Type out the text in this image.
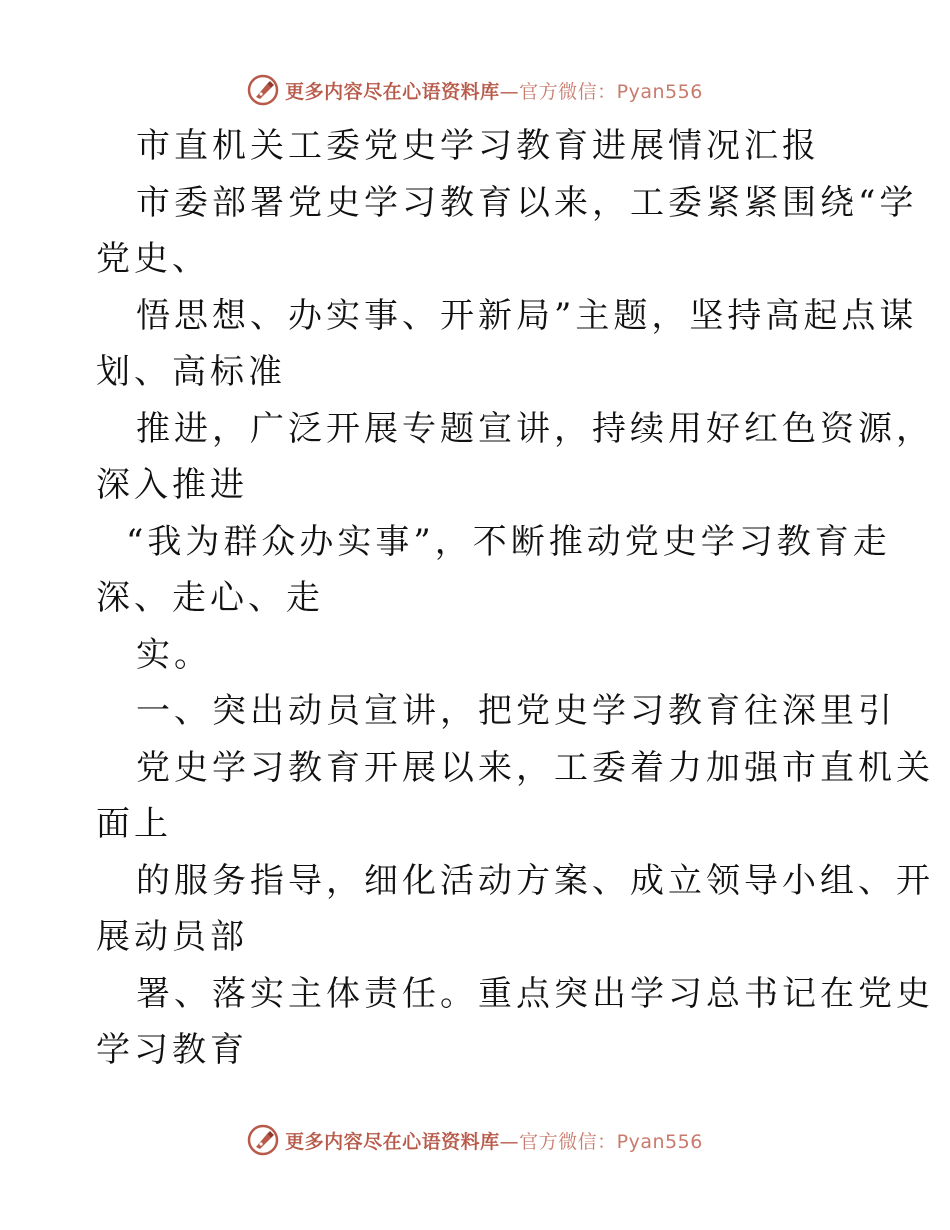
更多内容尽在心语资料库—官方微信：Pyan556
市直机关工委党史学习教育进展情况汇报
市委部署党史学习教育以来，工委紧紧围绕“学
党史、
悟思想、办实事、开新局”主题，坚持高起点谋
划、高标准
推进，广泛开展专题宣讲，持续用好红色资源，
深入推进
“我为群众办实事”，不断推动党史学习教育走
深、走心、走
实。
一、突出动员宣讲，把党史学习教育往深里引
党史学习教育开展以来，工委着力加强市直机关
面上
的服务指导，细化活动方案、成立领导小组、开
展动员部
署、落实主体责任。重点突出学习总书记在党史
学习教育
更多内容尽在心语资料库—官方微信：Pyan556
